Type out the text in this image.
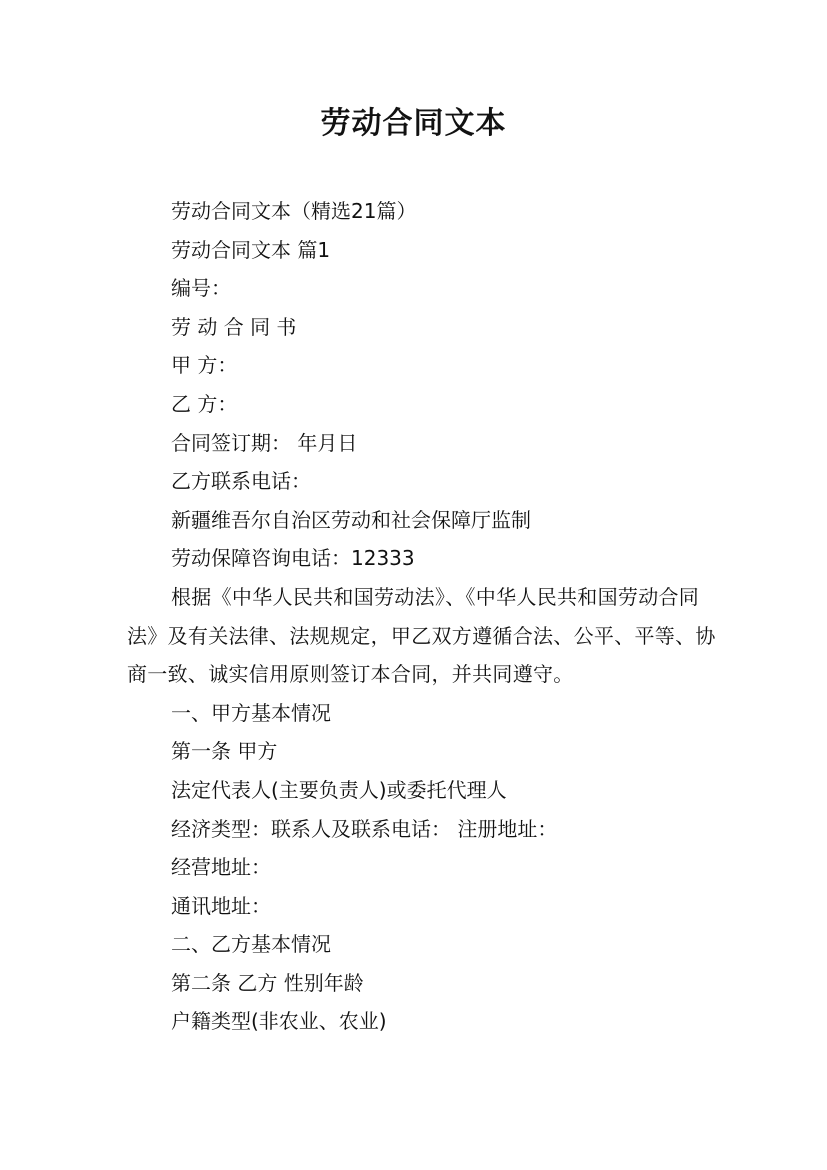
劳动合同文本

劳动合同文本（精选21篇）

劳动合同文本 篇1

编号：

劳 动 合 同 书

甲 方：

乙 方：

合同签订期： 年月日

乙方联系电话：

新疆维吾尔自治区劳动和社会保障厅监制

劳动保障咨询电话：12333

根据《中华人民共和国劳动法》、《中华人民共和国劳动合同法》及有关法律、法规规定，甲乙双方遵循合法、公平、平等、协商一致、诚实信用原则签订本合同，并共同遵守。

一、甲方基本情况

第一条 甲方

法定代表人(主要负责人)或委托代理人

经济类型：联系人及联系电话： 注册地址：

经营地址：

通讯地址：

二、乙方基本情况

第二条 乙方 性别年龄

户籍类型(非农业、农业)
